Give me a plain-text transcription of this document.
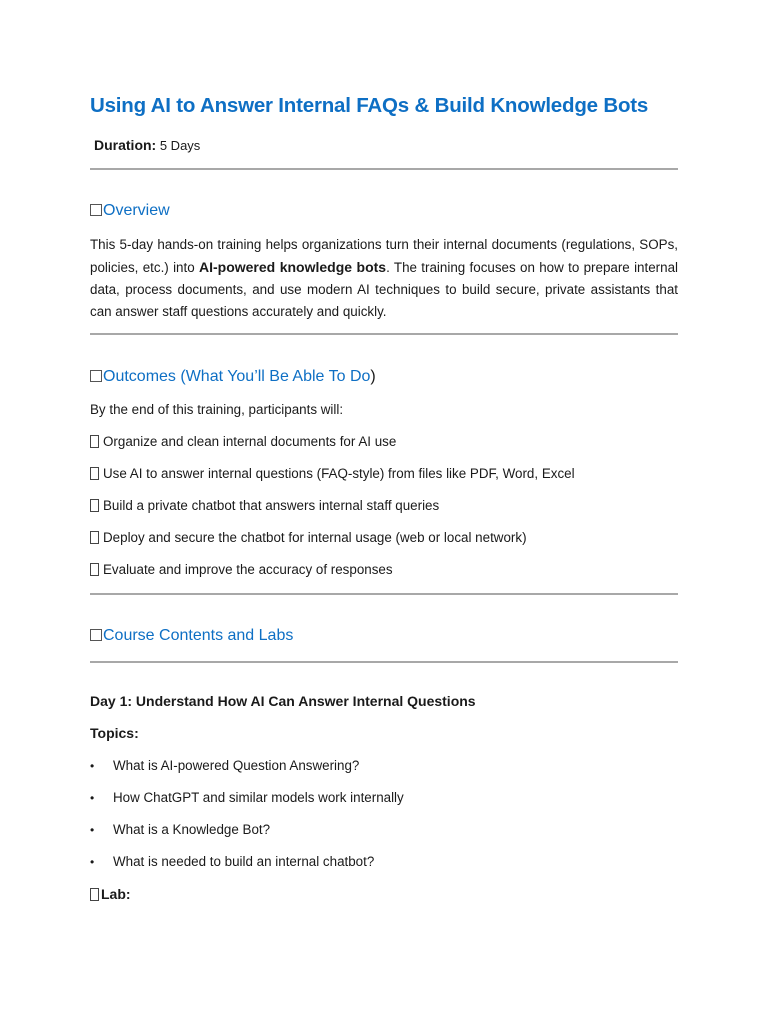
Using AI to Answer Internal FAQs & Build Knowledge Bots
Duration: 5 Days
Overview

This 5-day hands-on training helps organizations turn their internal documents (regulations, SOPs, policies, etc.) into AI-powered knowledge bots. The training focuses on how to prepare internal data, process documents, and use modern AI techniques to build secure, private assistants that can answer staff questions accurately and quickly.

Outcomes (What You’ll Be Able To Do)

By the end of this training, participants will:

Organize and clean internal documents for AI use

Use AI to answer internal questions (FAQ-style) from files like PDF, Word, Excel

Build a private chatbot that answers internal staff queries

Deploy and secure the chatbot for internal usage (web or local network)

Evaluate and improve the accuracy of responses

Course Contents and Labs
Day 1: Understand How AI Can Answer Internal Questions
Topics:
• What is AI-powered Question Answering?
• How ChatGPT and similar models work internally
• What is a Knowledge Bot?
• What is needed to build an internal chatbot?
Lab:
